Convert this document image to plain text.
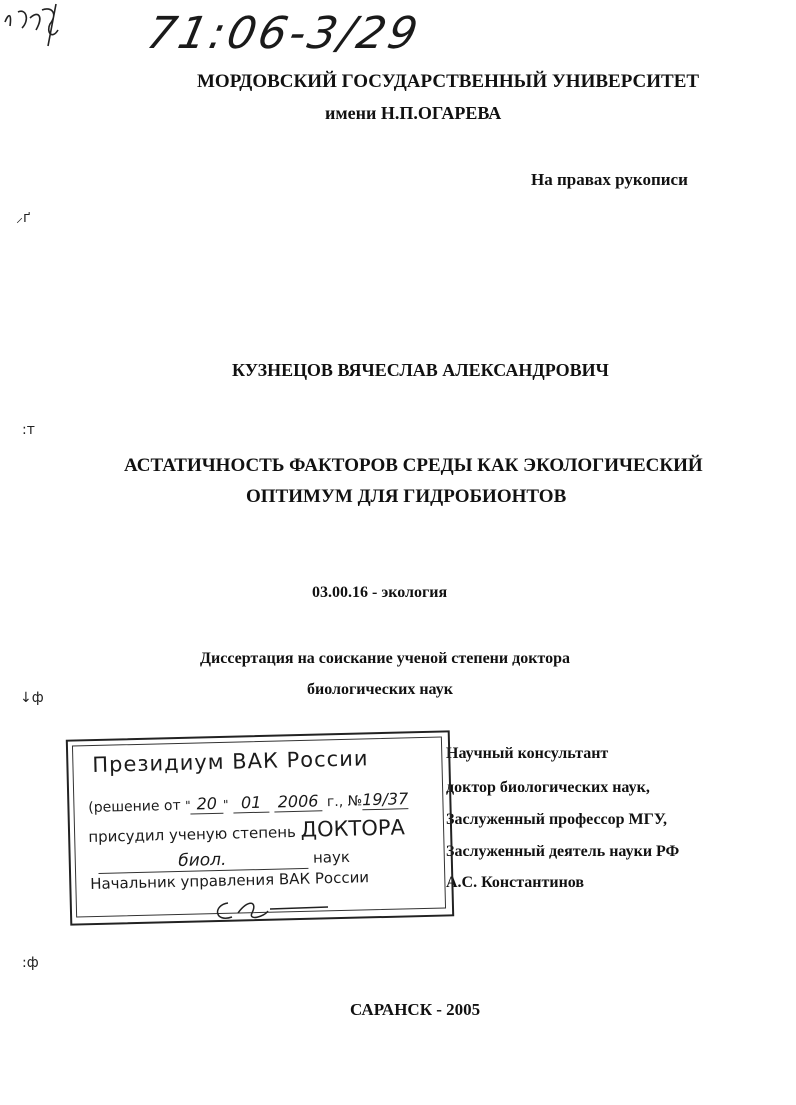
71:06-3/29
МОРДОВСКИЙ ГОСУДАРСТВЕННЫЙ УНИВЕРСИТЕТ
имени Н.П.ОГАРЕВА
На правах рукописи
КУЗНЕЦОВ ВЯЧЕСЛАВ АЛЕКСАНДРОВИЧ
АСТАТИЧНОСТЬ ФАКТОРОВ СРЕДЫ КАК ЭКОЛОГИЧЕСКИЙ
ОПТИМУМ ДЛЯ ГИДРОБИОНТОВ
03.00.16 - экология
Диссертация на соискание ученой степени доктора
биологических наук
Научный консультант
доктор биологических наук,
Заслуженный профессор МГУ,
Заслуженный деятель науки РФ
А.С. Константинов
Президиум ВАК России
(решение от " 20 " 01 2006 г., №19/37
присудил ученую степень ДОКТОРА
биол.	наук
Начальник управления ВАК России
⸝ґ
:т
↓ф
:ф
САРАНСК - 2005
